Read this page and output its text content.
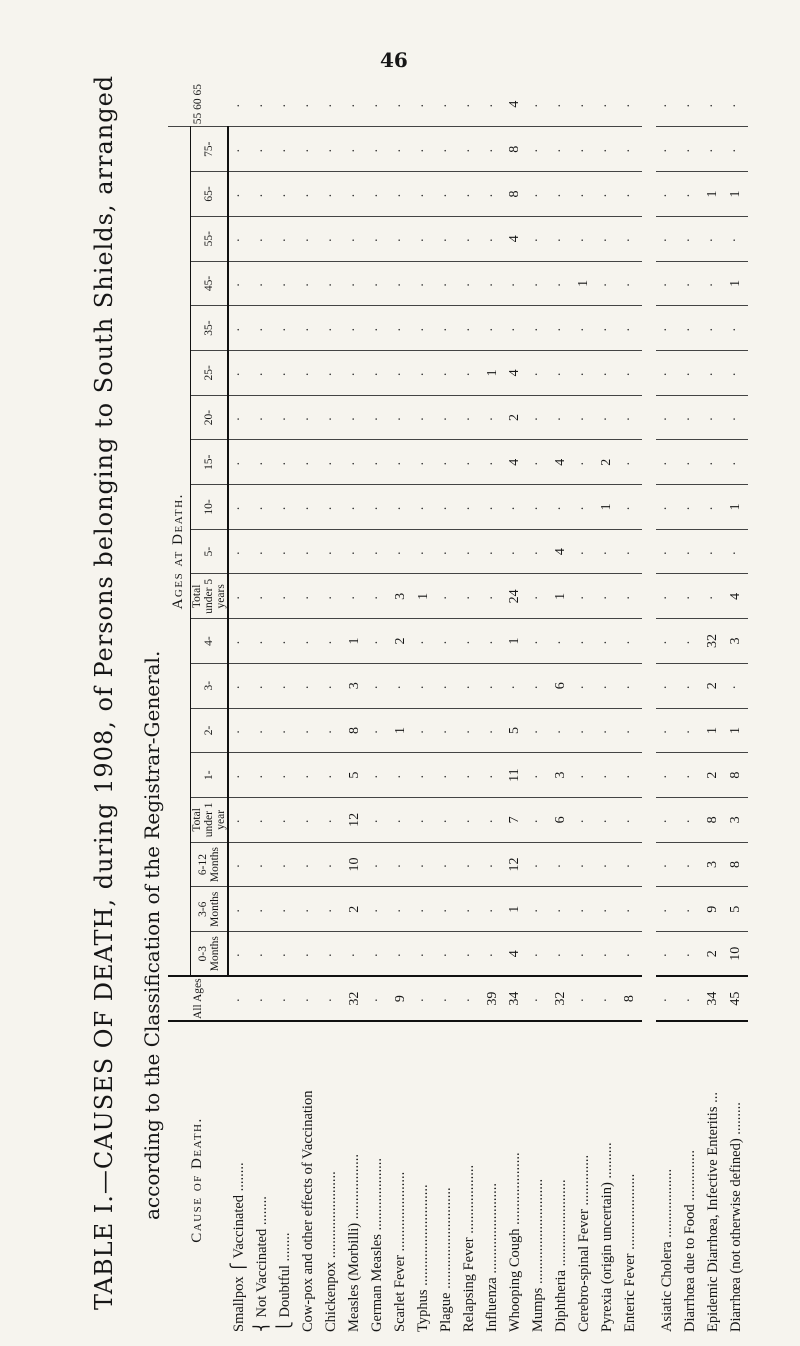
46
TABLE I.—CAUSES OF DEATH, during 1908, of Persons belonging to South Shields, arranged according to the Classification of the Registrar-General. Cause of Death.	All Ages	Ages at Death.																			55 60 65
		0-3 Months	3-6 Months	6-12 Months	Total under 1 year	1-	2-	3-	4-	Total under 5 years	5-	10-	15-	20-	25-	35-	45-	55-	65-	75-	
Smallpox ⎧ Vaccinated ........	·	·	·	·	·	·	·	·	·	·	·	·	·	·	·	·	·	·	·	·	·
⎨ Not Vaccinated ........	·	·	·	·	·	·	·	·	·	·	·	·	·	·	·	·	·	·	·	·	·
⎩ Doubtful ........	·	·	·	·	·	·	·	·	·	·	·	·	·	·	·	·	·	·	·	·	·
Cow-pox and other effects of Vaccination	·	·	·	·	·	·	·	·	·	·	·	·	·	·	·	·	·	·	·	·	·
Chickenpox ........................	·	·	·	·	·	·	·	·	·	·	·	·	·	·	·	·	·	·	·	·	·
Measles (Morbilli) ..................	32	·	2	10	12	5	8	3	1	·	·	·	·	·	·	·	·	·	·	·	·
German Measles ....................	·	·	·	·	·	·	·	·	·	·	·	·	·	·	·	·	·	·	·	·	·
Scarlet Fever ......................	9	·	·	·	·	·	1	·	2	3	·	·	·	·	·	·	·	·	·	·	·
Typhus ............................	·	·	·	·	·	·	·	·	·	1	·	·	·	·	·	·	·	·	·	·	·
Plague ............................	·	·	·	·	·	·	·	·	·	·	·	·	·	·	·	·	·	·	·	·	·
Relapsing Fever ...................	·	·	·	·	·	·	·	·	·	·	·	·	·	·	·	·	·	·	·	·	·
Influenza .........................	39	·	·	·	·	·	·	·	·	·	·	·	·	·	1	·	·	·	·	·	·
Whooping Cough ....................	34	4	1	12	7	11	5	·	1	24	·	·	4	2	4	·	·	4	8	8	4
Mumps .............................	·	·	·	·	·	·	·	·	·	·	·	·	·	·	·	·	·	·	·	·	·
Diphtheria ........................	32	·	·	·	6	3	·	6	·	1	4	·	4	·	·	·	·	·	·	·	·
Cerebro-spinal Fever ..............	·	·	·	·	·	·	·	·	·	·	·	·	·	·	·	·	1	·	·	·	·
Pyrexia (origin uncertain) ..........	·	·	·	·	·	·	·	·	·	·	·	1	2	·	·	·	·	·	·	·	·
Enteric Fever .....................	8	·	·	·	·	·	·	·	·	·	·	·	·	·	·	·	·	·	·	·	·

Asiatic Cholera ...................	·	·	·	·	·	·	·	·	·	·	·	·	·	·	·	·	·	·	·	·	·
Diarrhœa due to Food ..............	·	·	·	·	·	·	·	·	·	·	·	·	·	·	·	·	·	·	·	·	·
Epidemic Diarrhœa, Infective Enteritis ...	34	2	9	3	8	2	1	2	32	·	·	·	·	·	·	·	·	·	1	·	·
Diarrhœa (not otherwise defined) .........	45	10	5	8	3	8	1	·	3	4	·	1	·	·	·	·	1	·	1	·	·
